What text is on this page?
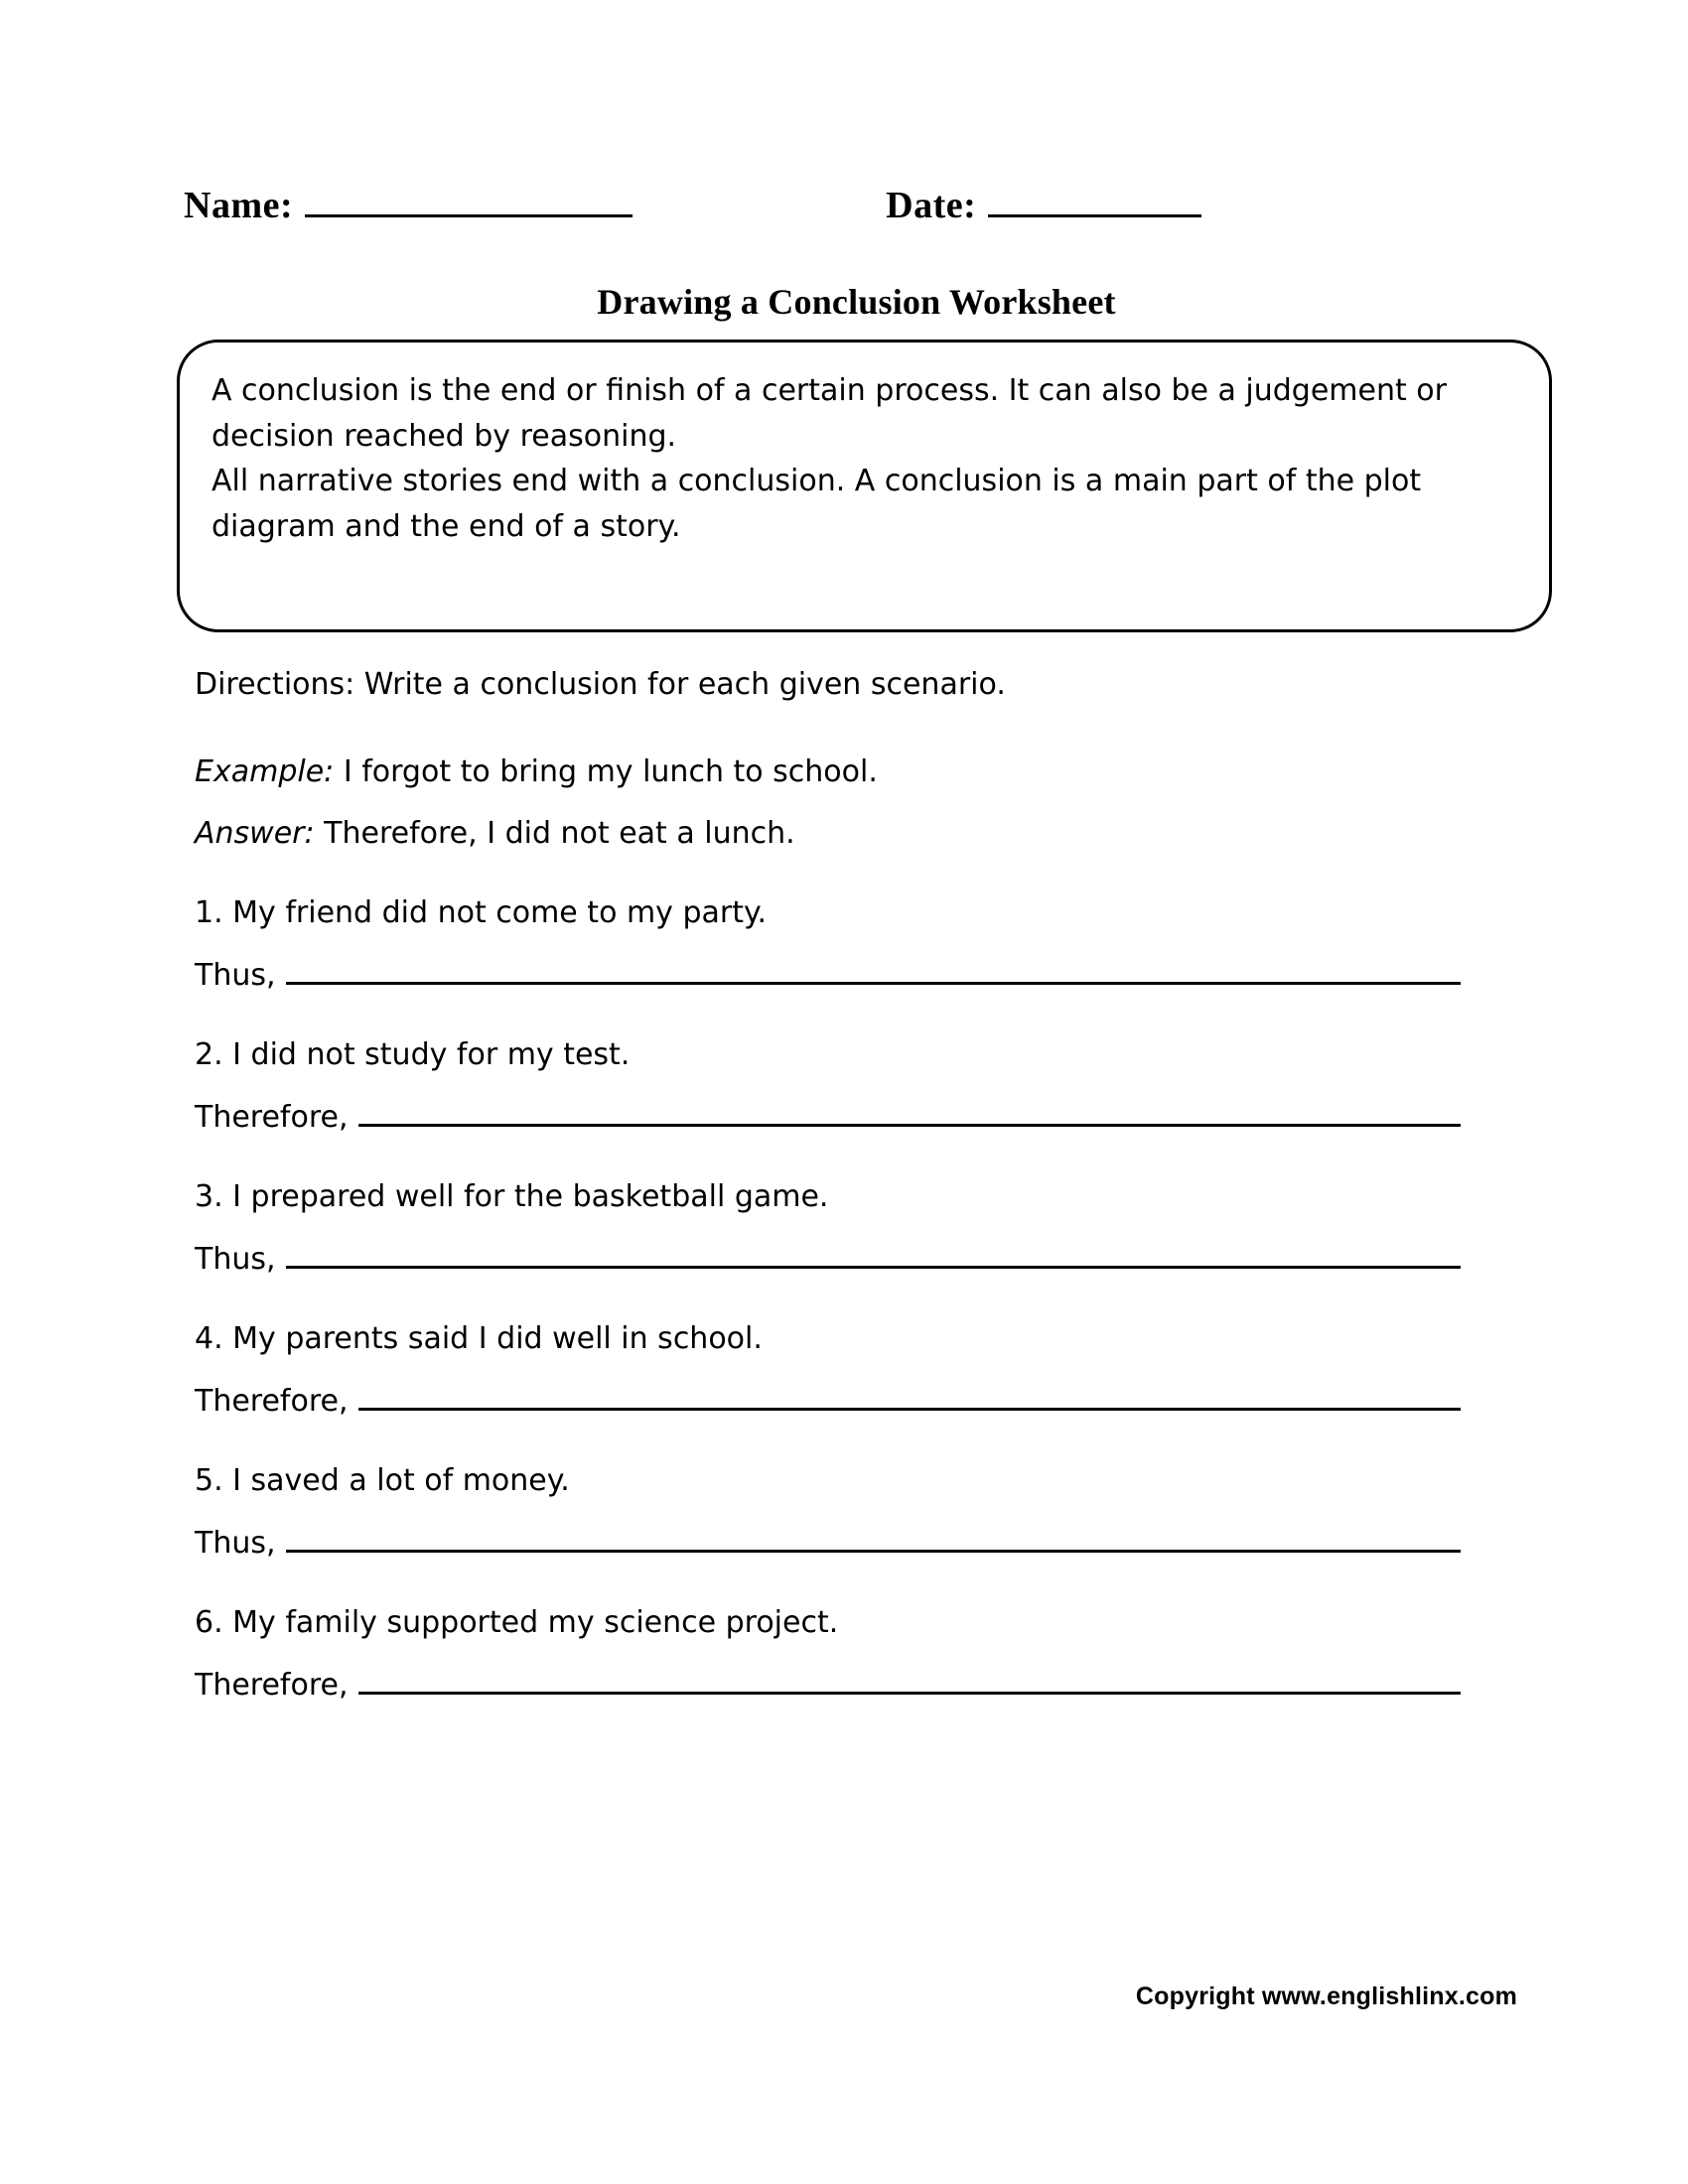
Name:	Date:
Drawing a Conclusion Worksheet

A conclusion is the end or finish of a certain process. It can also be a judgement or decision reached by reasoning.

All narrative stories end with a conclusion. A conclusion is a main part of the plot diagram and the end of a story.

Directions: Write a conclusion for each given scenario.
Example: I forgot to bring my lunch to school.
Answer: Therefore, I did not eat a lunch.
1. My friend did not come to my party.
Thus,
2. I did not study for my test.
Therefore,
3. I prepared well for the basketball game.
Thus,
4. My parents said I did well in school.
Therefore,
5. I saved a lot of money.
Thus,
6. My family supported my science project.
Therefore,
Copyright www.englishlinx.com
